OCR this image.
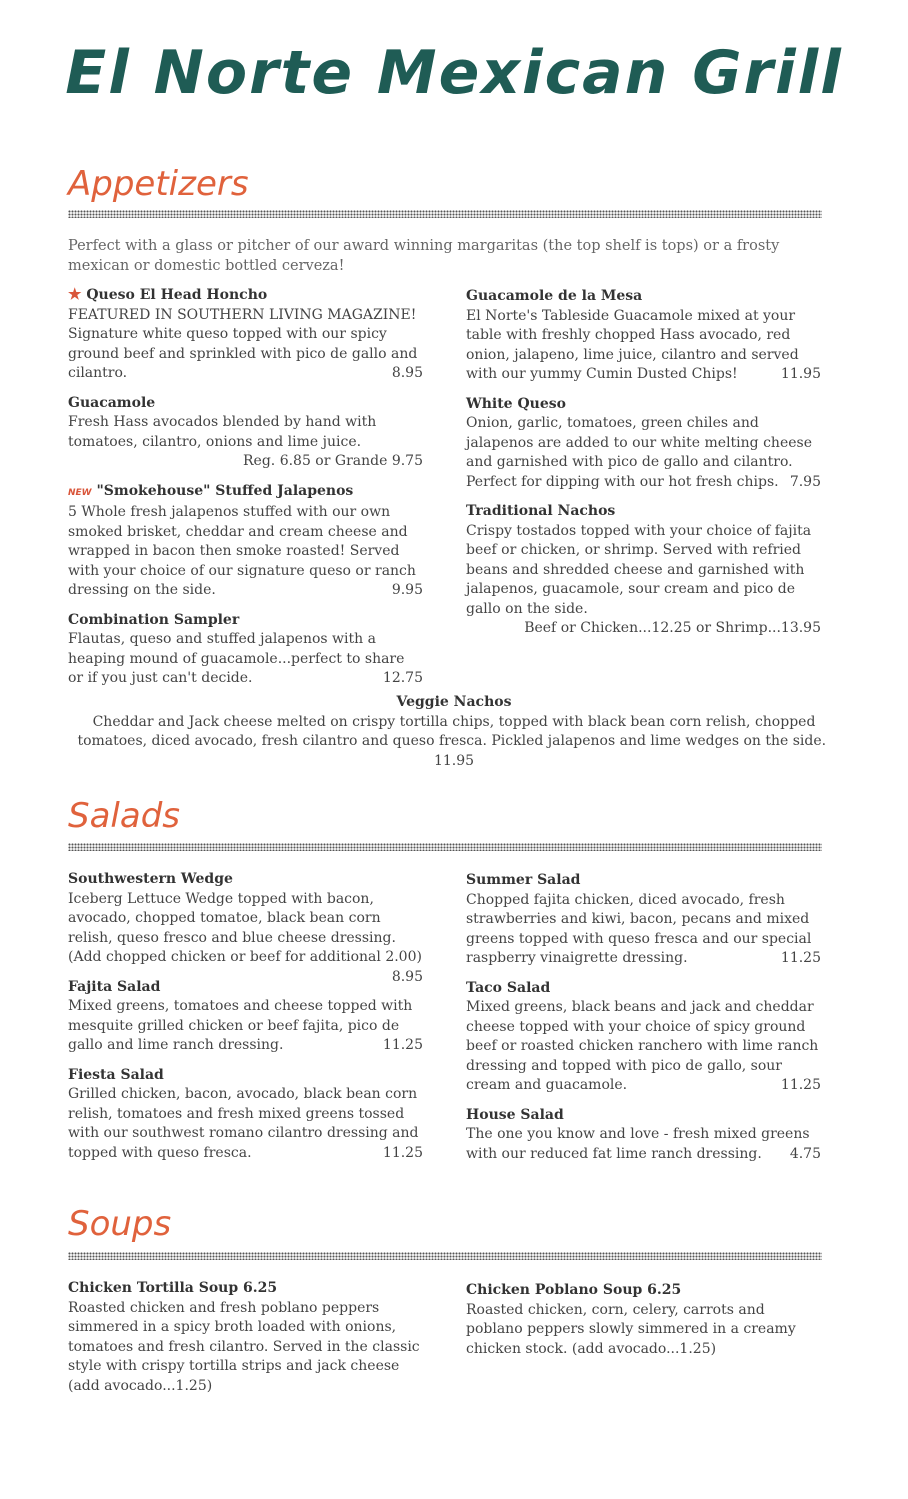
El Norte Mexican Grill
Appetizers
Perfect with a glass or pitcher of our award winning margaritas (the top shelf is tops) or a frosty mexican or domestic bottled cerveza!
★ Queso El Head Honcho
FEATURED IN SOUTHERN LIVING MAGAZINE! Signature white queso topped with our spicy ground beef and sprinkled with pico de gallo and cilantro.	8.95
Guacamole
Fresh Hass avocados blended by hand with tomatoes, cilantro, onions and lime juice.
Reg. 6.85 or Grande 9.75
NEW "Smokehouse" Stuffed Jalapenos
5 Whole fresh jalapenos stuffed with our own smoked brisket, cheddar and cream cheese and wrapped in bacon then smoke roasted! Served with your choice of our signature queso or ranch dressing on the side.	9.95
Combination Sampler
Flautas, queso and stuffed jalapenos with a heaping mound of guacamole...perfect to share or if you just can't decide.	12.75
Guacamole de la Mesa
El Norte's Tableside Guacamole mixed at your table with freshly chopped Hass avocado, red onion, jalapeno, lime juice, cilantro and served with our yummy Cumin Dusted Chips!	11.95
White Queso
Onion, garlic, tomatoes, green chiles and jalapenos are added to our white melting cheese and garnished with pico de gallo and cilantro. Perfect for dipping with our hot fresh chips. 7.95
Traditional Nachos
Crispy tostados topped with your choice of fajita beef or chicken, or shrimp. Served with refried beans and shredded cheese and garnished with jalapenos, guacamole, sour cream and pico de gallo on the side.
Beef or Chicken...12.25 or Shrimp...13.95
Veggie Nachos
Cheddar and Jack cheese melted on crispy tortilla chips, topped with black bean corn relish, chopped tomatoes, diced avocado, fresh cilantro and queso fresca. Pickled jalapenos and lime wedges on the side.  11.95
Salads
Southwestern Wedge
Iceberg Lettuce Wedge topped with bacon, avocado, chopped tomatoe, black bean corn relish, queso fresco and blue cheese dressing. (Add chopped chicken or beef for additional 2.00)
8.95
Fajita Salad
Mixed greens, tomatoes and cheese topped with mesquite grilled chicken or beef fajita, pico de gallo and lime ranch dressing.	11.25
Fiesta Salad
Grilled chicken, bacon, avocado, black bean corn relish, tomatoes and fresh mixed greens tossed with our southwest romano cilantro dressing and topped with queso fresca.	11.25
Summer Salad
Chopped fajita chicken, diced avocado, fresh strawberries and kiwi, bacon, pecans and mixed greens topped with queso fresca and our special raspberry vinaigrette dressing.	11.25
Taco Salad
Mixed greens, black beans and jack and cheddar cheese topped with your choice of spicy ground beef or roasted chicken ranchero with lime ranch dressing and topped with pico de gallo, sour cream and guacamole.	11.25
House Salad
The one you know and love - fresh mixed greens with our reduced fat lime ranch dressing. 4.75
Soups
Chicken Tortilla Soup 6.25
Roasted chicken and fresh poblano peppers simmered in a spicy broth loaded with onions, tomatoes and fresh cilantro. Served in the classic style with crispy tortilla strips and jack cheese (add avocado...1.25)
Chicken Poblano Soup 6.25
Roasted chicken, corn, celery, carrots and poblano peppers slowly simmered in a creamy chicken stock. (add avocado...1.25)
